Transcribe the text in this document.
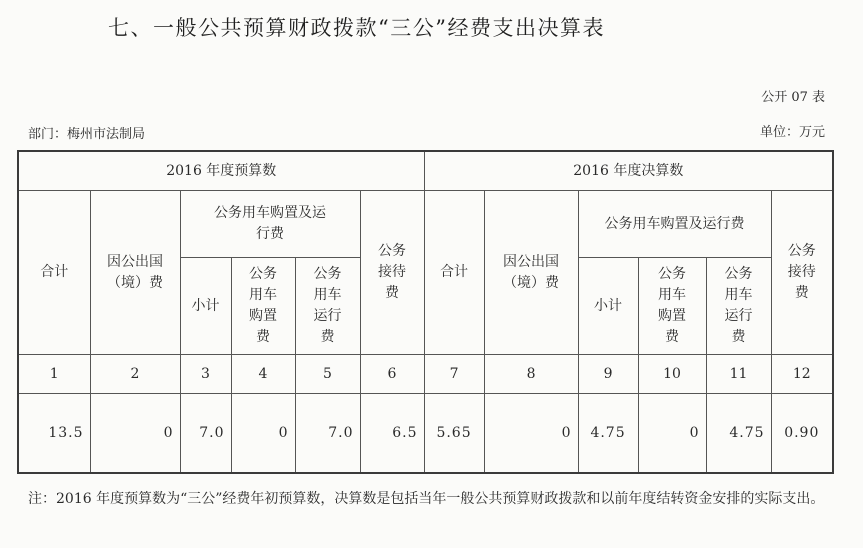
七、一般公共预算财政拨款“三公”经费支出决算表
公开 07 表
部门：梅州市法制局	单位：万元
2016 年度预算数						2016 年度决算数					
合计	因公出国（境）费	公务用车购置及运行费			公务接待费	合计	因公出国（境）费	公务用车购置及运行费			公务接待费
		小计	公务用车购置费	公务用车运行费				小计	公务用车购置费	公务用车运行费	
1	2	3	4	5	6	7	8	9	10	11	12
13.5	0	7.0	0	7.0	6.5	5.65	0	4.75	0	4.75	0.90
注：2016 年度预算数为“三公”经费年初预算数，决算数是包括当年一般公共预算财政拨款和以前年度结转资金安排的实际支出。
